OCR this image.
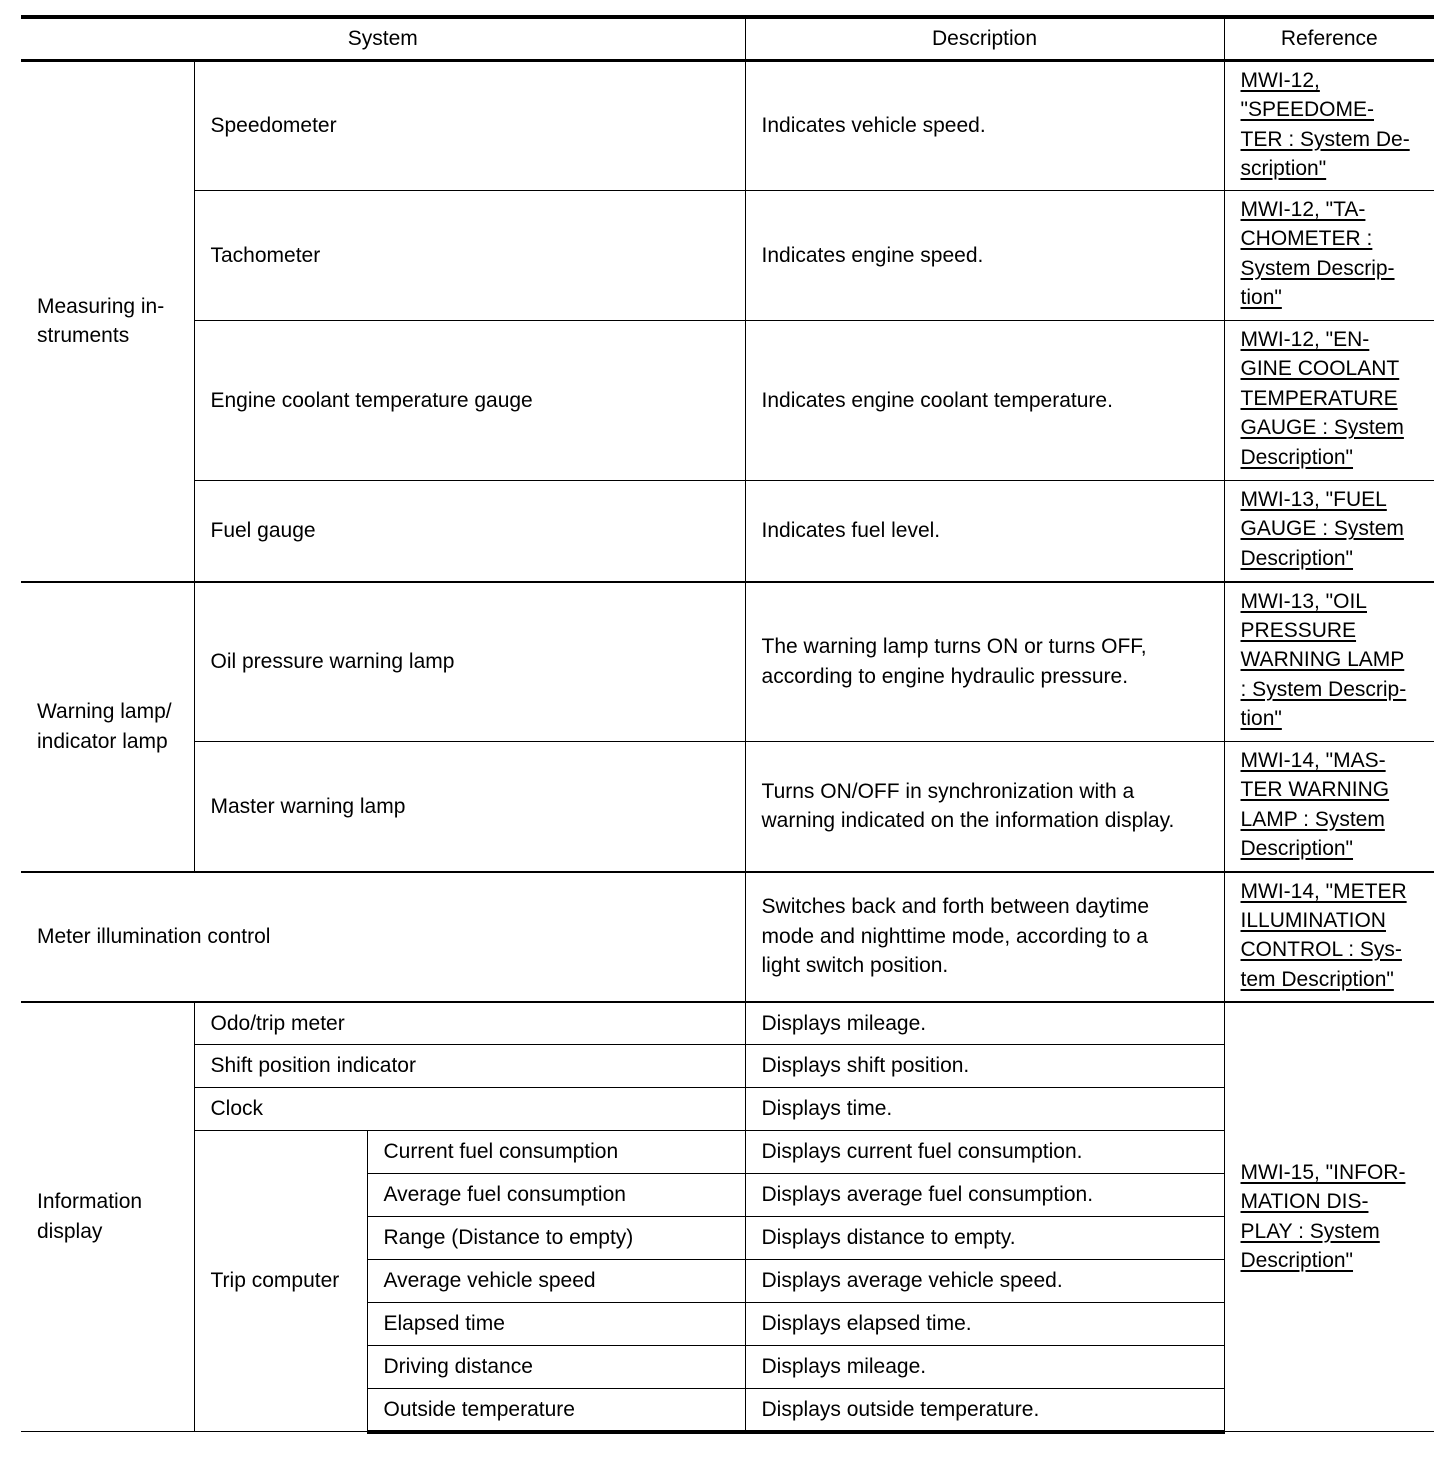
System			Description	Reference
Measuring in-
struments	Speedometer		Indicates vehicle speed.	MWI-12,
"SPEEDOME-
TER : System De-
scription"

	Tachometer		Indicates engine speed.	MWI-12, "TA-
CHOMETER :
System Descrip-
tion"

	Engine coolant temperature gauge		Indicates engine coolant temperature.	MWI-12, "EN-
GINE COOLANT
TEMPERATURE
GAUGE : System
Description"

	Fuel gauge		Indicates fuel level.	MWI-13, "FUEL
GAUGE : System
Description"

Warning lamp/
indicator lamp	Oil pressure warning lamp		The warning lamp turns ON or turns OFF,
according to engine hydraulic pressure.	MWI-13, "OIL
PRESSURE
WARNING LAMP
: System Descrip-
tion"

	Master warning lamp		Turns ON/OFF in synchronization with a
warning indicated on the information display.	MWI-14, "MAS-
TER WARNING
LAMP : System
Description"

Meter illumination control			Switches back and forth between daytime
mode and nighttime mode, according to a
light switch position.	MWI-14, "METER
ILLUMINATION
CONTROL : Sys-
tem Description"

Information
display	Odo/trip meter		Displays mileage.	MWI-15, "INFOR-
MATION DIS-
PLAY : System
Description"

	Shift position indicator		Displays shift position.	
	Clock		Displays time.	
	Trip computer	Current fuel consumption	Displays current fuel consumption.	
		Average fuel consumption	Displays average fuel consumption.	
		Range (Distance to empty)	Displays distance to empty.	
		Average vehicle speed	Displays average vehicle speed.	
		Elapsed time	Displays elapsed time.	
		Driving distance	Displays mileage.	
		Outside temperature	Displays outside temperature.	
